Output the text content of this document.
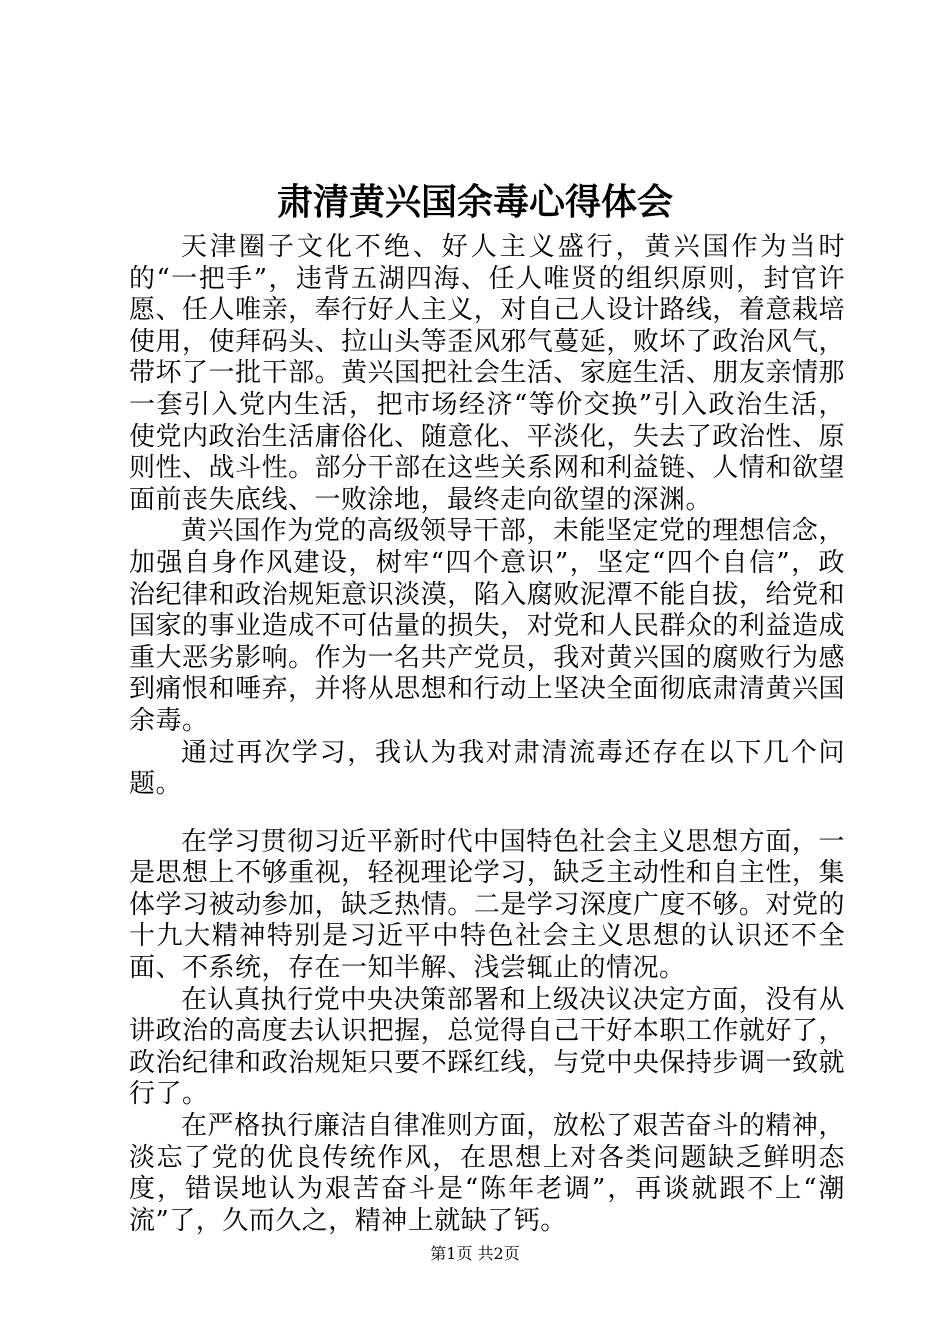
肃清黄兴国余毒心得体会

天津圈子文化不绝、好人主义盛行，黄兴国作为当时的“一把手”，违背五湖四海、任人唯贤的组织原则，封官许愿、任人唯亲，奉行好人主义，对自己人设计路线，着意栽培使用，使拜码头、拉山头等歪风邪气蔓延，败坏了政治风气，带坏了一批干部。黄兴国把社会生活、家庭生活、朋友亲情那一套引入党内生活，把市场经济“等价交换”引入政治生活，使党内政治生活庸俗化、随意化、平淡化，失去了政治性、原则性、战斗性。部分干部在这些关系网和利益链、人情和欲望面前丧失底线、一败涂地，最终走向欲望的深渊。

黄兴国作为党的高级领导干部，未能坚定党的理想信念，加强自身作风建设，树牢“四个意识”，坚定“四个自信”，政治纪律和政治规矩意识淡漠，陷入腐败泥潭不能自拔，给党和国家的事业造成不可估量的损失，对党和人民群众的利益造成重大恶劣影响。作为一名共产党员，我对黄兴国的腐败行为感到痛恨和唾弃，并将从思想和行动上坚决全面彻底肃清黄兴国余毒。

通过再次学习，我认为我对肃清流毒还存在以下几个问题。

在学习贯彻习近平新时代中国特色社会主义思想方面，一是思想上不够重视，轻视理论学习，缺乏主动性和自主性，集体学习被动参加，缺乏热情。二是学习深度广度不够。对党的十九大精神特别是习近平中特色社会主义思想的认识还不全面、不系统，存在一知半解、浅尝辄止的情况。

在认真执行党中央决策部署和上级决议决定方面，没有从讲政治的高度去认识把握，总觉得自己干好本职工作就好了，政治纪律和政治规矩只要不踩红线，与党中央保持步调一致就行了。

在严格执行廉洁自律准则方面，放松了艰苦奋斗的精神，淡忘了党的优良传统作风，在思想上对各类问题缺乏鲜明态度，错误地认为艰苦奋斗是“陈年老调”，再谈就跟不上“潮流”了，久而久之，精神上就缺了钙。

第1页 共2页
